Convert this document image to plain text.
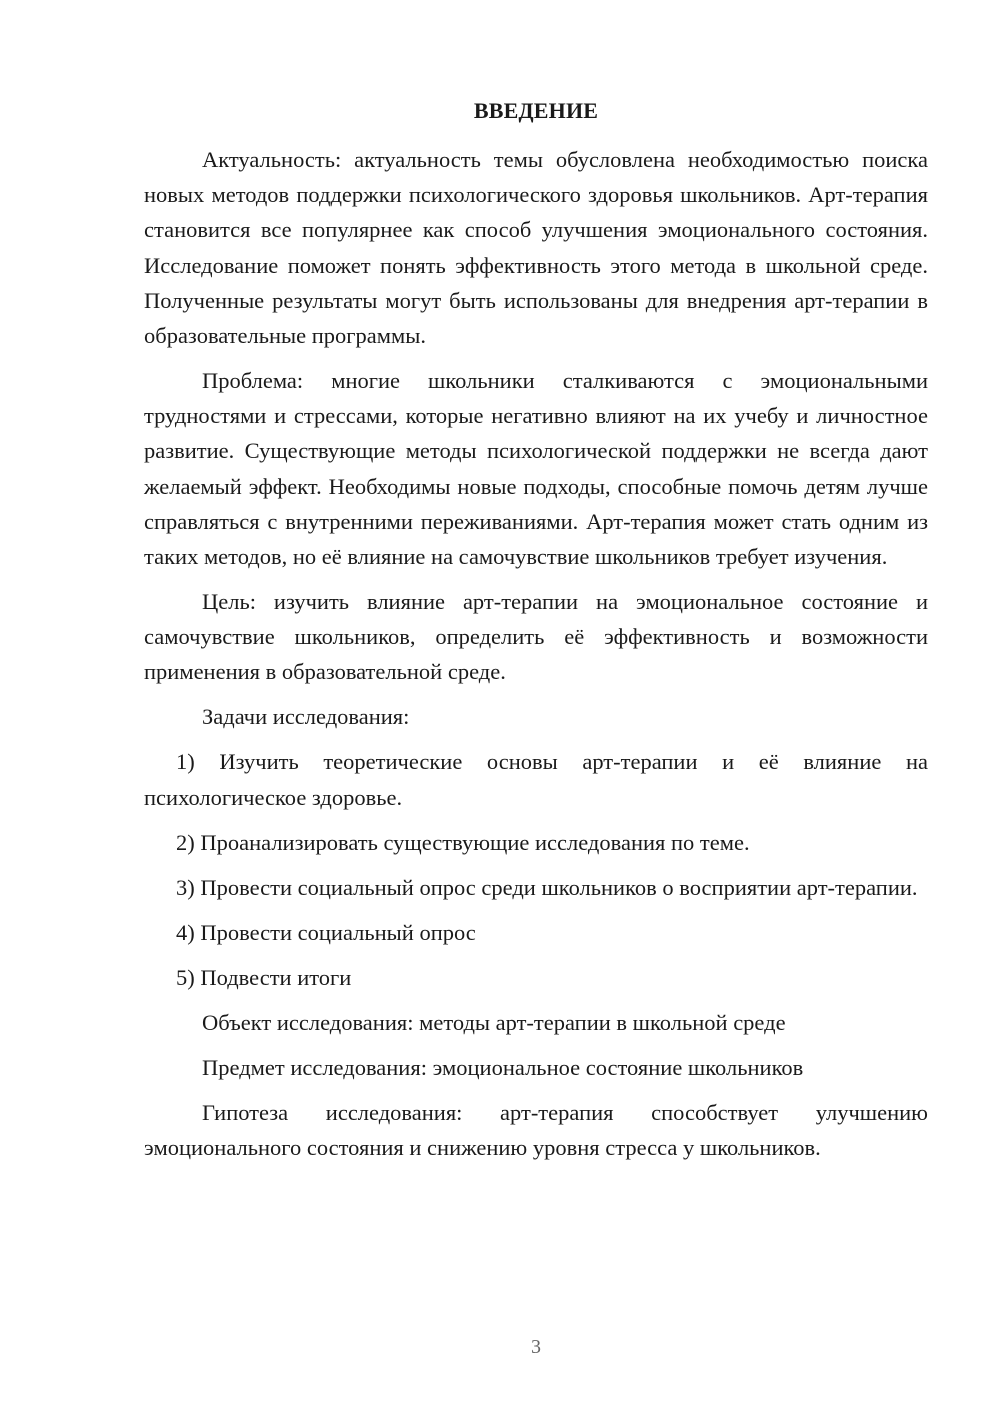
ВВЕДЕНИЕ

Актуальность: актуальность темы обусловлена необходимостью поиска новых методов поддержки психологического здоровья школьников. Арт-терапия становится все популярнее как способ улучшения эмоционального состояния. Исследование поможет понять эффективность этого метода в школьной среде. Полученные результаты могут быть использованы для внедрения арт-терапии в образовательные программы.

Проблема: многие школьники сталкиваются с эмоциональными трудностями и стрессами, которые негативно влияют на их учебу и личностное развитие. Существующие методы психологической поддержки не всегда дают желаемый эффект. Необходимы новые подходы, способные помочь детям лучше справляться с внутренними переживаниями. Арт-терапия может стать одним из таких методов, но её влияние на самочувствие школьников требует изучения.

Цель: изучить влияние арт-терапии на эмоциональное состояние и самочувствие школьников, определить её эффективность и возможности применения в образовательной среде.

Задачи исследования:

1) Изучить теоретические основы арт-терапии и её влияние на психологическое здоровье.

2) Проанализировать существующие исследования по теме.

3) Провести социальный опрос среди школьников о восприятии арт-терапии.

4) Провести социальный опрос

5) Подвести итоги

Объект исследования: методы арт-терапии в школьной среде

Предмет исследования: эмоциональное состояние школьников

Гипотеза исследования: арт-терапия способствует улучшению эмоционального состояния и снижению уровня стресса у школьников.

3
